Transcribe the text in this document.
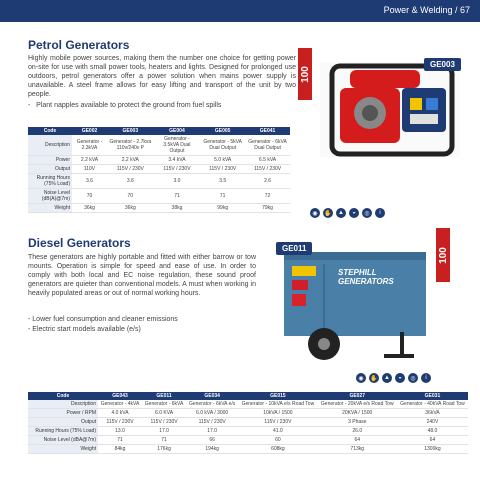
Power & Welding / 67
Petrol Generators
Highly mobile power sources, making them the number one choice for getting power on-site for use with small power tools, heaters and lights. Designed for prolonged use outdoors, petrol generators offer a power solution when mains power supply is unavailable. A steel frame allows for easy lifting and transport of the unit by two people.
-   Plant napples available to protect the ground from fuel spills
100
GE003
Code	GE002	GE003	GE004	GE005	GE041
Description	Generator - 2.3kVA	Generator - 2.7kva 110v/240v P	Generator - 3.5kVA Dual Output	Generator - 5kVA Dual Output	Generator - 6kVA Dual Output
Power	2.2 kVA	2.2 kVA	3.4 kVA	5.0 kVA	6.5 kVA
Output	110V	115V / 230V	115V / 230V	115V / 230V	115V / 230V
Running Hours (75% Load)	3.6	3.6	3.0	3.5	2.6
Noise Level (dB(A)@7m)	70	70	71	71	72
Weight	36kg	36kg	38kg	99kg	79kg
◉	✋	▲	◒	◎	i
Diesel Generators
These generators are highly portable and fitted with either barrow or tow mounts. Operation is simple for speed and ease of use. In order to comply with both local and EC noise regulation, these sound proof generators are quieter than conventional models. A must when working in heavily populated areas or out of normal working hours.
- Lower fuel consumption and cleaner emissions
- Electric start models available (e/s)
STEPHILL GENERATORS
GE011	100
◉	✋	▲	◒	◎	i
Code	GE043	GE011	GE034	GE015	GE027	GE031
Description	Generator - 4kVA	Generator - 6kVA	Generator - 6kVA e/s	Generator - 10kVA e/s Road Tow	Generator - 20kVA e/s Road Tow	Generator - 40kVA Road Tow
Power / RPM	4.0 kVA	6.0 KVA	6.0 kVA / 3000	10kVA / 1500	20KVA / 1500	36kVA
Output	115V / 230V	115V / 230V	115V / 230V	115V / 230V	3 Phase	240V
Running Hours (75% Load)	13.0	17.0	17.0	41.0	26.0	48.0
Noise Level (dBA@7m)	71	71	66	60	64	64
Weight	84kg	176kg	194kg	608kg	713kg	1300kg
